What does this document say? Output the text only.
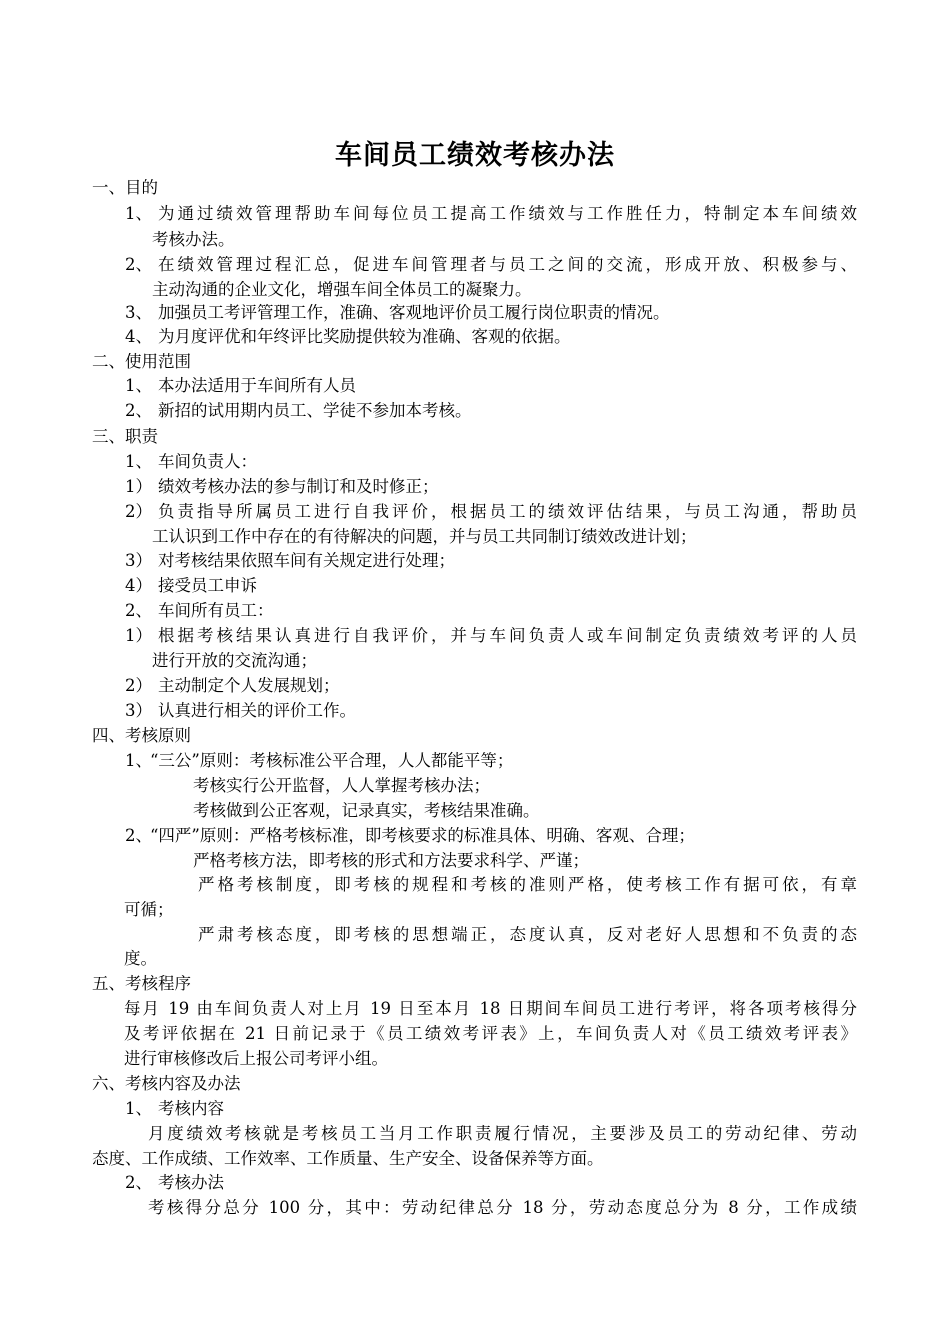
车间员工绩效考核办法
一、目的
1、 为通过绩效管理帮助车间每位员工提高工作绩效与工作胜任力，特制定本车间绩效
考核办法。
2、 在绩效管理过程汇总，促进车间管理者与员工之间的交流，形成开放、积极参与、
主动沟通的企业文化，增强车间全体员工的凝聚力。
3、 加强员工考评管理工作，准确、客观地评价员工履行岗位职责的情况。
4、 为月度评优和年终评比奖励提供较为准确、客观的依据。
二、使用范围
1、 本办法适用于车间所有人员
2、 新招的试用期内员工、学徒不参加本考核。
三、职责
1、 车间负责人：
1） 绩效考核办法的参与制订和及时修正；
2） 负责指导所属员工进行自我评价，根据员工的绩效评估结果，与员工沟通，帮助员
工认识到工作中存在的有待解决的问题，并与员工共同制订绩效改进计划；
3） 对考核结果依照车间有关规定进行处理；
4） 接受员工申诉
2、 车间所有员工：
1） 根据考核结果认真进行自我评价，并与车间负责人或车间制定负责绩效考评的人员
进行开放的交流沟通；
2） 主动制定个人发展规划；
3） 认真进行相关的评价工作。
四、考核原则
1、
“三公”原则：考核标准公平合理，人人都能平等；
考核实行公开监督，人人掌握考核办法；
考核做到公正客观，记录真实，考核结果准确。
2、
“四严”原则：严格考核标准，即考核要求的标准具体、明确、客观、合理；
严格考核方法，即考核的形式和方法要求科学、严谨；
严格考核制度，即考核的规程和考核的准则严格，使考核工作有据可依，有章
可循；
严肃考核态度，即考核的思想端正，态度认真，反对老好人思想和不负责的态
度。
五、考核程序
每月 19 由车间负责人对上月 19 日至本月 18 日期间车间员工进行考评，将各项考核得分
及考评依据在 21 日前记录于《员工绩效考评表》上，车间负责人对《员工绩效考评表》
进行审核修改后上报公司考评小组。
六、考核内容及办法
1、 考核内容
月度绩效考核就是考核员工当月工作职责履行情况，主要涉及员工的劳动纪律、劳动
态度、工作成绩、工作效率、工作质量、生产安全、设备保养等方面。
2、 考核办法
考核得分总分 100 分，其中：劳动纪律总分 18 分，劳动态度总分为 8 分，工作成绩
